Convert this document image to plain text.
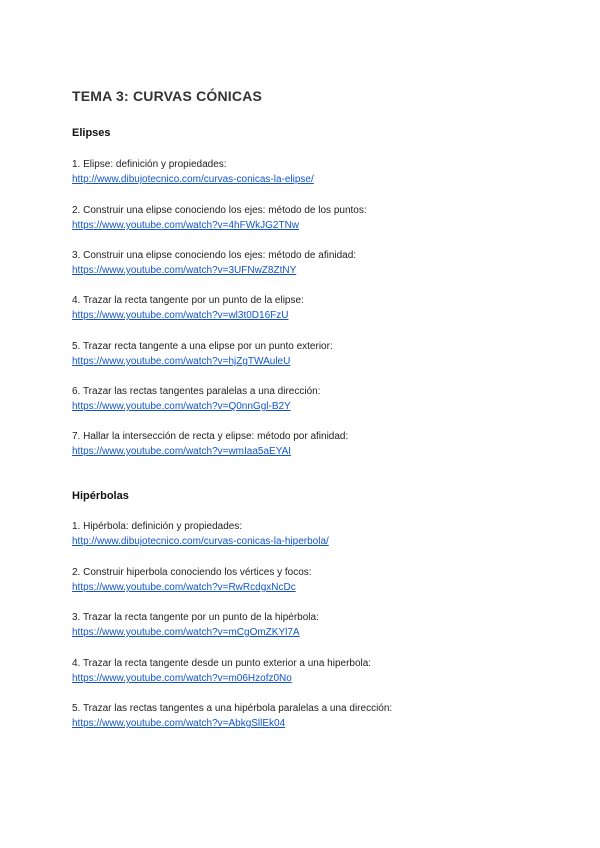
TEMA 3: CURVAS CÓNICAS
Elipses
1. Elipse: definición y propiedades:
http://www.dibujotecnico.com/curvas-conicas-la-elipse/
2. Construir una elipse conociendo los ejes: método de los puntos:
https://www.youtube.com/watch?v=4hFWkJG2TNw
3. Construir una elipse conociendo los ejes: método de afinidad:
https://www.youtube.com/watch?v=3UFNwZ8ZtNY
4. Trazar la recta tangente por un punto de la elipse:
https://www.youtube.com/watch?v=wl3t0D16FzU
5. Trazar recta tangente a una elipse por un punto exterior:
https://www.youtube.com/watch?v=hjZgTWAuleU
6. Trazar las rectas tangentes paralelas a una dirección:
https://www.youtube.com/watch?v=Q0nnGgl-B2Y
7. Hallar la intersección de recta y elipse: método por afinidad:
https://www.youtube.com/watch?v=wmIaa5aEYAI
Hipérbolas
1. Hipérbola: definición y propiedades:
http://www.dibujotecnico.com/curvas-conicas-la-hiperbola/
2. Construir hiperbola conociendo los vértices y focos:
https://www.youtube.com/watch?v=RwRcdgxNcDc
3. Trazar la recta tangente por un punto de la hipérbola:
https://www.youtube.com/watch?v=mCgOmZKYl7A
4. Trazar la recta tangente desde un punto exterior a una hiperbola:
https://www.youtube.com/watch?v=m06Hzofz0No
5. Trazar las rectas tangentes a una hipérbola paralelas a una dirección:
https://www.youtube.com/watch?v=AbkgSllEk04
